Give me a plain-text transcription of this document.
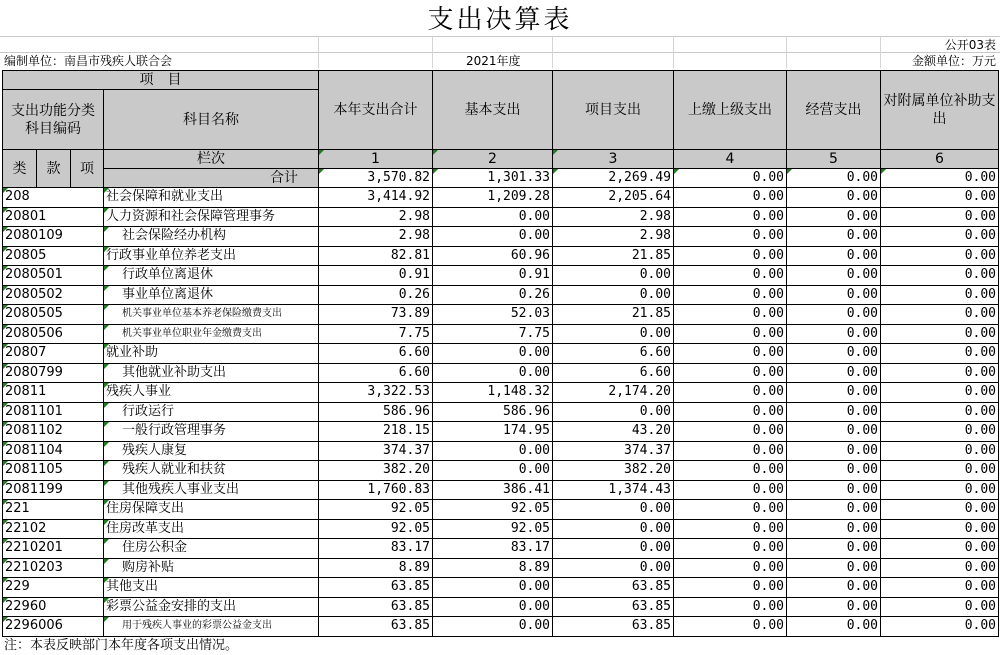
支出决算表
公开03表
编制单位：南昌市残疾人联合会	2021年度	金额单位：万元
项　目				本年支出合计	基本支出	项目支出	上缴上级支出	经营支出	对附属单位补助支出
支出功能分类科目编码			科目名称						

类	款	项	栏次	1	2	3	4	5	6
			合计	3,570.82	1,301.33	2,269.49	0.00	0.00	0.00
208			社会保障和就业支出	3,414.92	1,209.28	2,205.64	0.00	0.00	0.00
20801			人力资源和社会保障管理事务	2.98	0.00	2.98	0.00	0.00	0.00
2080109			社会保险经办机构	2.98	0.00	2.98	0.00	0.00	0.00
20805			行政事业单位养老支出	82.81	60.96	21.85	0.00	0.00	0.00
2080501			行政单位离退休	0.91	0.91	0.00	0.00	0.00	0.00
2080502			事业单位离退休	0.26	0.26	0.00	0.00	0.00	0.00
2080505			机关事业单位基本养老保险缴费支出	73.89	52.03	21.85	0.00	0.00	0.00
2080506			机关事业单位职业年金缴费支出	7.75	7.75	0.00	0.00	0.00	0.00
20807			就业补助	6.60	0.00	6.60	0.00	0.00	0.00
2080799			其他就业补助支出	6.60	0.00	6.60	0.00	0.00	0.00
20811			残疾人事业	3,322.53	1,148.32	2,174.20	0.00	0.00	0.00
2081101			行政运行	586.96	586.96	0.00	0.00	0.00	0.00
2081102			一般行政管理事务	218.15	174.95	43.20	0.00	0.00	0.00
2081104			残疾人康复	374.37	0.00	374.37	0.00	0.00	0.00
2081105			残疾人就业和扶贫	382.20	0.00	382.20	0.00	0.00	0.00
2081199			其他残疾人事业支出	1,760.83	386.41	1,374.43	0.00	0.00	0.00
221			住房保障支出	92.05	92.05	0.00	0.00	0.00	0.00
22102			住房改革支出	92.05	92.05	0.00	0.00	0.00	0.00
2210201			住房公积金	83.17	83.17	0.00	0.00	0.00	0.00
2210203			购房补贴	8.89	8.89	0.00	0.00	0.00	0.00
229			其他支出	63.85	0.00	63.85	0.00	0.00	0.00
22960			彩票公益金安排的支出	63.85	0.00	63.85	0.00	0.00	0.00
2296006			用于残疾人事业的彩票公益金支出	63.85	0.00	63.85	0.00	0.00	0.00
注：本表反映部门本年度各项支出情况。
